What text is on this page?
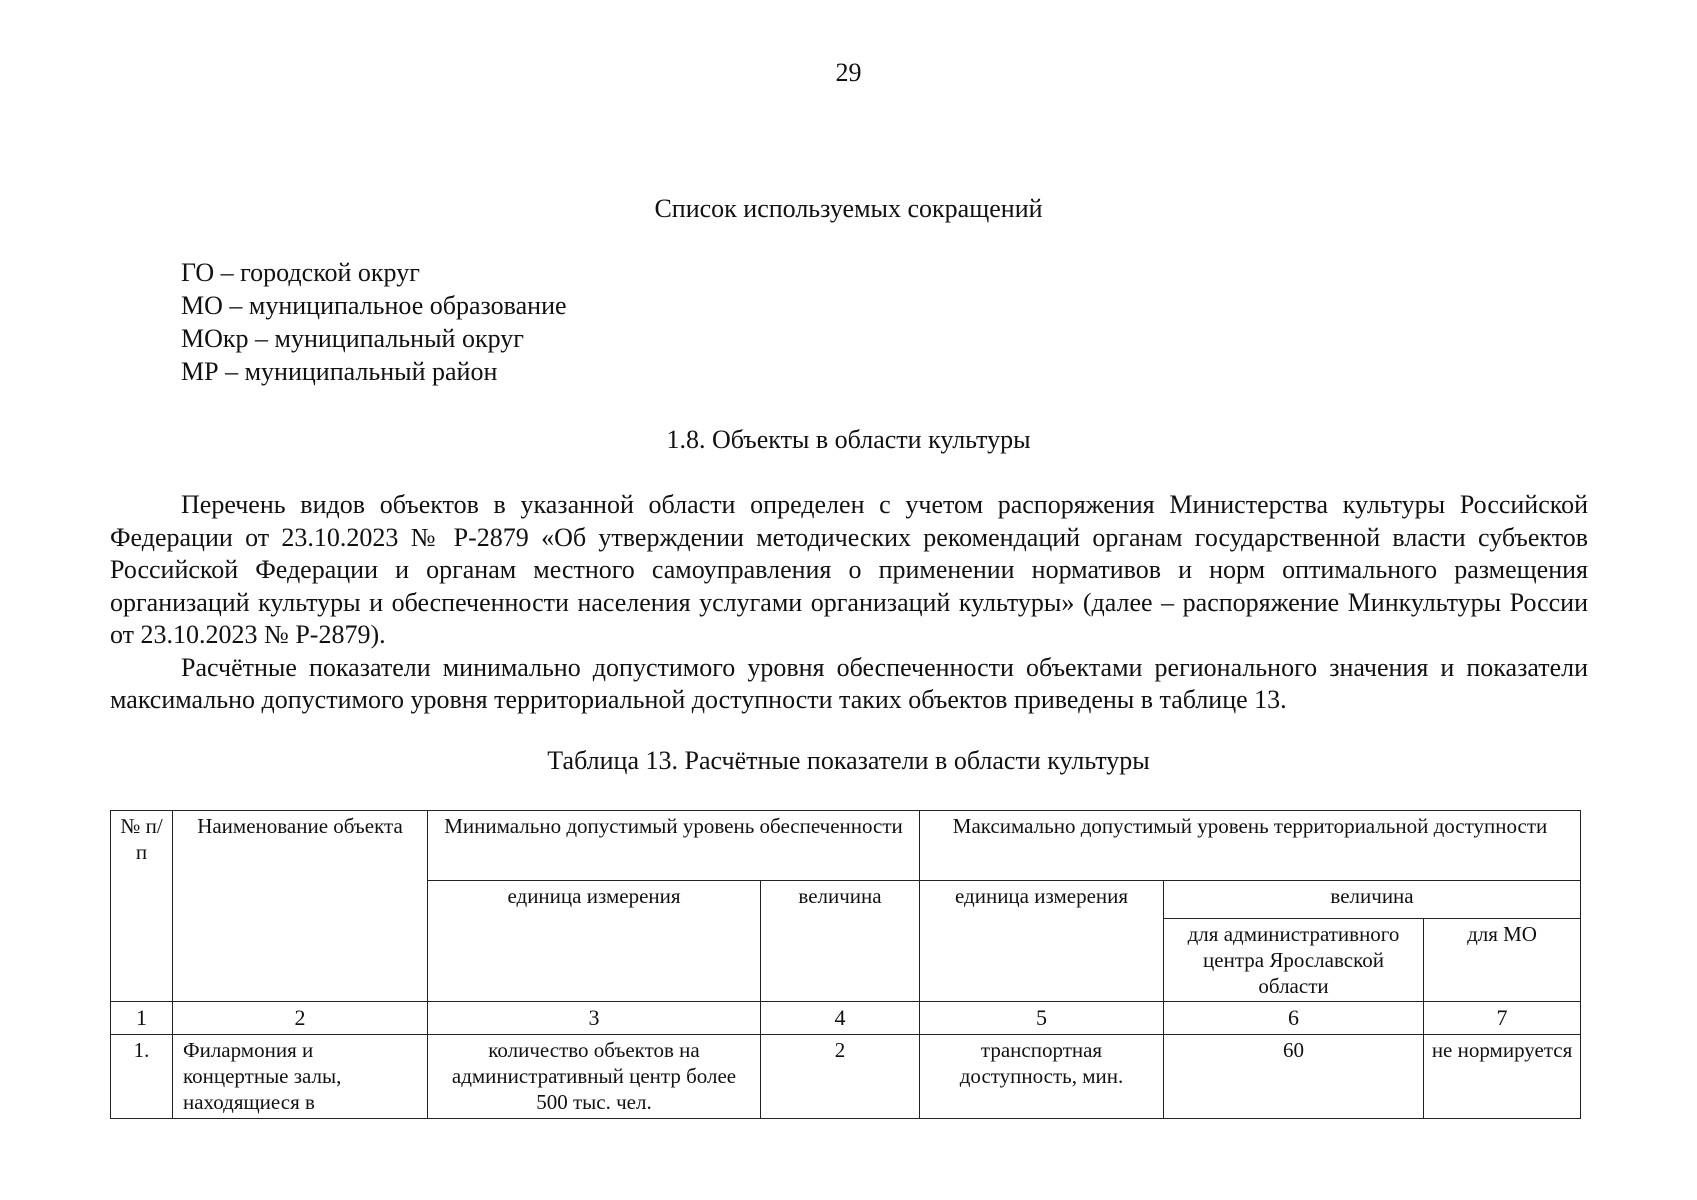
29
Список используемых сокращений
ГО – городской округ
МО – муниципальное образование
МОкр – муниципальный округ
МР – муниципальный район
1.8. Объекты в области культуры

Перечень видов объектов в указанной области определен с учетом распоряжения Министерства культуры Российской Федерации от 23.10.2023 № Р-2879 «Об утверждении методических рекомендаций органам государственной власти субъектов Российской Федерации и органам местного самоуправления о применении нормативов и норм оптимального размещения организаций культуры и обеспеченности населения услугами организаций культуры» (далее – распоряжение Минкультуры России от 23.10.2023 № Р-2879).

Расчётные показатели минимально допустимого уровня обеспеченности объектами регионального значения и показатели максимально допустимого уровня территориальной доступности таких объектов приведены в таблице 13.

Таблица 13. Расчётные показатели в области культуры
№ п/п	Наименование объекта	Минимально допустимый уровень обеспеченности		Максимально допустимый уровень территориальной доступности		
		единица измерения	величина	единица измерения	величина	
					для административного центра Ярославской области	для МО
1	2	3	4	5	6	7
1.	Филармония и концертные залы, находящиеся в	количество объектов на административный центр более 500 тыс. чел.	2	транспортная доступность, мин.	60	не нормируется
